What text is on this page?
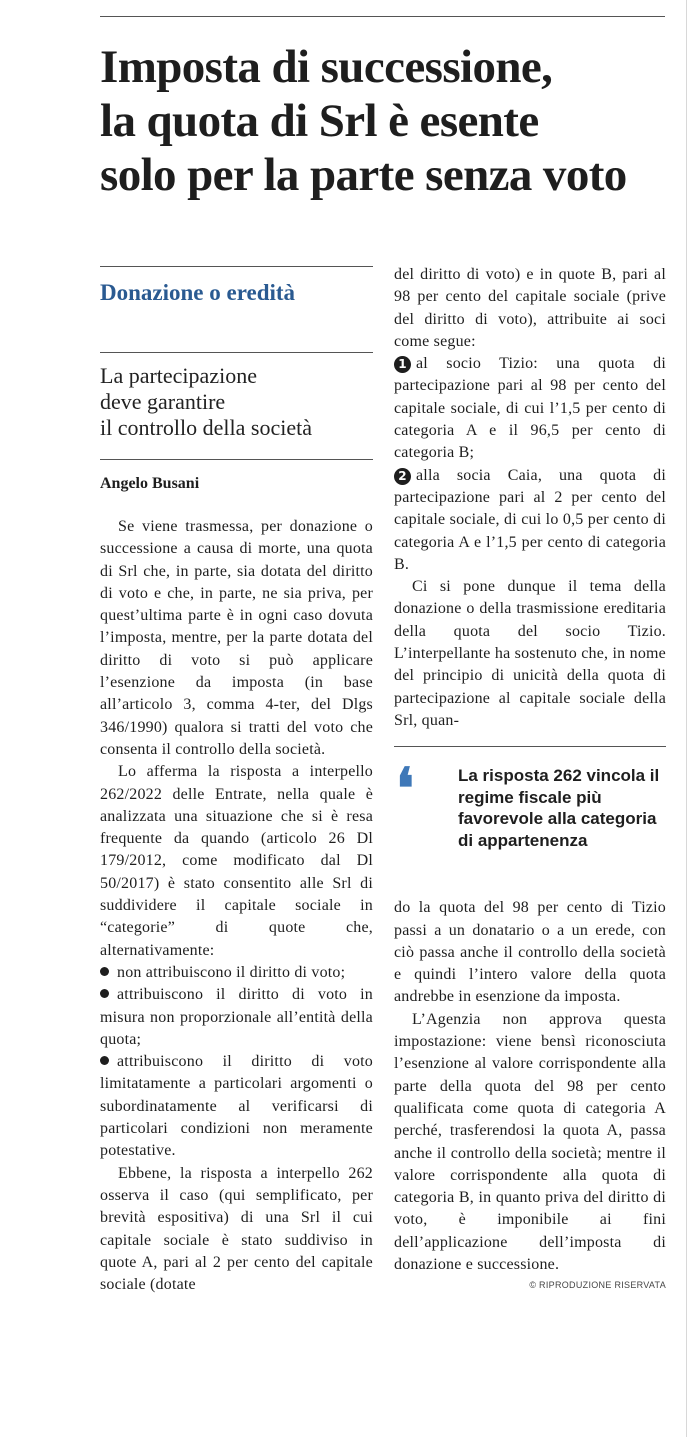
Imposta di successione,
la quota di Srl è esente
solo per la parte senza voto
Donazione o eredità
La partecipazione
deve garantire
il controllo della società
Angelo Busani

Se viene trasmessa, per donazione o successione a causa di morte, una quota di Srl che, in parte, sia dotata del diritto di voto e che, in parte, ne sia priva, per quest’ultima parte è in ogni caso dovuta l’imposta, mentre, per la parte dotata del diritto di voto si può applicare l’esenzione da imposta (in base all’articolo 3, comma 4-ter, del Dlgs 346/1990) qualora si tratti del voto che consenta il controllo della società.

Lo afferma la risposta a interpello 262/2022 delle Entrate, nella quale è analizzata una situazione che si è resa frequente da quando (articolo 26 Dl 179/2012, come modificato dal Dl 50/2017) è stato consentito alle Srl di suddividere il capitale sociale in “categorie” di quote che, alternativamente:

non attribuiscono il diritto di voto;

attribuiscono il diritto di voto in misura non proporzionale all’entità della quota;

attribuiscono il diritto di voto limitatamente a particolari argomenti o subordinatamente al verificarsi di particolari condizioni non meramente potestative.

Ebbene, la risposta a interpello 262 osserva il caso (qui semplificato, per brevità espositiva) di una Srl il cui capitale sociale è stato suddiviso in quote A, pari al 2 per cento del capitale sociale (dotate

del diritto di voto) e in quote B, pari al 98 per cento del capitale sociale (prive del diritto di voto), attribuite ai soci come segue:

1 al socio Tizio: una quota di partecipazione pari al 98 per cento del capitale sociale, di cui l’1,5 per cento di categoria A e il 96,5 per cento di categoria B;

2 alla socia Caia, una quota di partecipazione pari al 2 per cento del capitale sociale, di cui lo 0,5 per cento di categoria A e l’1,5 per cento di categoria B.

Ci si pone dunque il tema della donazione o della trasmissione ereditaria della quota del socio Tizio. L’interpellante ha sostenuto che, in nome del principio di unicità della quota di partecipazione al capitale sociale della Srl, quan-

❛	La risposta 262 vincola il regime fiscale più favorevole alla categoria di appartenenza

do la quota del 98 per cento di Tizio passi a un donatario o a un erede, con ciò passa anche il controllo della società e quindi l’intero valore della quota andrebbe in esenzione da imposta.

L’Agenzia non approva questa impostazione: viene bensì riconosciuta l’esenzione al valore corrispondente alla parte della quota del 98 per cento qualificata come quota di categoria A perché, trasferendosi la quota A, passa anche il controllo della società; mentre il valore corrispondente alla quota di categoria B, in quanto priva del diritto di voto, è imponibile ai fini dell’applicazione dell’imposta di donazione e successione.

© RIPRODUZIONE RISERVATA
